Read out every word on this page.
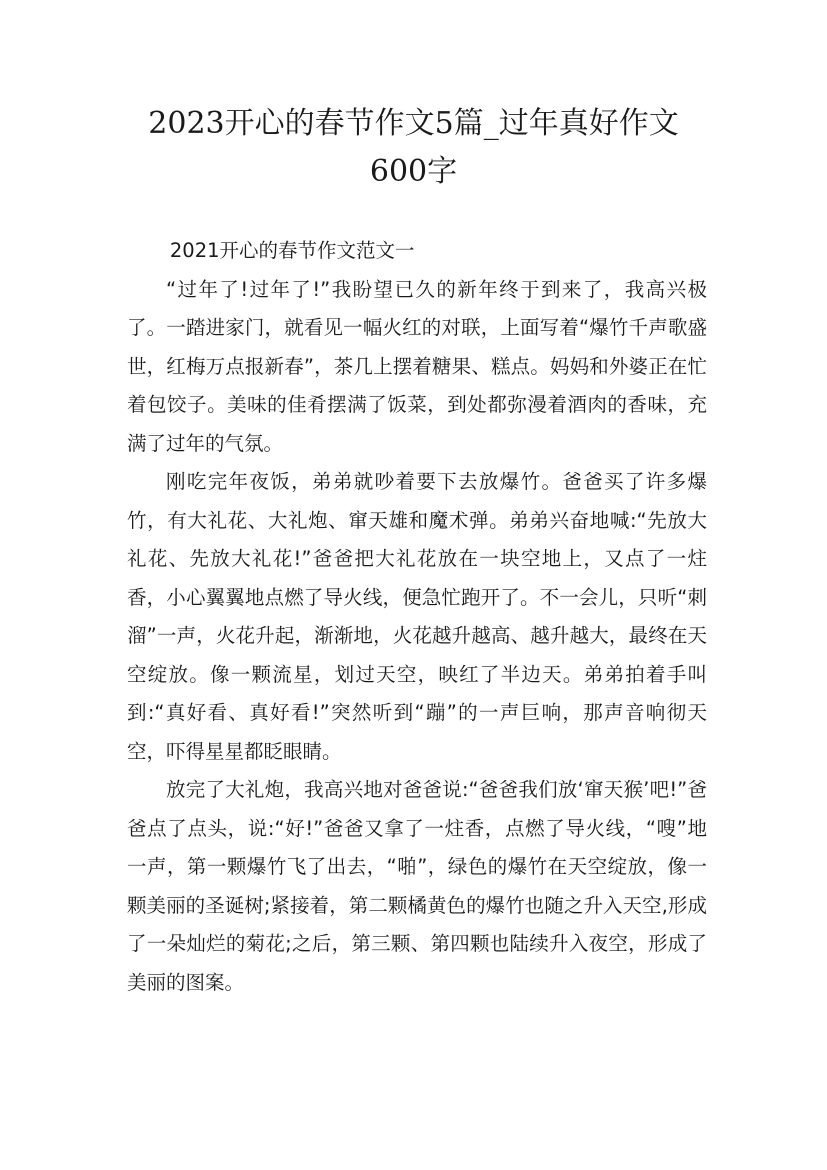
2023开心的春节作文5篇_过年真好作文
600字

2021开心的春节作文范文一

“过年了!过年了!”我盼望已久的新年终于到来了，我高兴极了。一踏进家门，就看见一幅火红的对联，上面写着“爆竹千声歌盛世，红梅万点报新春”，茶几上摆着糖果、糕点。妈妈和外婆正在忙着包饺子。美味的佳肴摆满了饭菜，到处都弥漫着酒肉的香味，充满了过年的气氛。

刚吃完年夜饭，弟弟就吵着要下去放爆竹。爸爸买了许多爆竹，有大礼花、大礼炮、窜天雄和魔术弹。弟弟兴奋地喊:“先放大礼花、先放大礼花!”爸爸把大礼花放在一块空地上，又点了一炷香，小心翼翼地点燃了导火线，便急忙跑开了。不一会儿，只听“刺溜”一声，火花升起，渐渐地，火花越升越高、越升越大，最终在天空绽放。像一颗流星，划过天空，映红了半边天。弟弟拍着手叫到:“真好看、真好看!”突然听到“蹦”的一声巨响，那声音响彻天空，吓得星星都眨眼睛。

放完了大礼炮，我高兴地对爸爸说:“爸爸我们放‘窜天猴’吧!”爸爸点了点头，说:“好!”爸爸又拿了一炷香，点燃了导火线，“嗖”地一声，第一颗爆竹飞了出去，“啪”，绿色的爆竹在天空绽放，像一颗美丽的圣诞树;紧接着，第二颗橘黄色的爆竹也随之升入天空,形成了一朵灿烂的菊花;之后，第三颗、第四颗也陆续升入夜空，形成了美丽的图案。
